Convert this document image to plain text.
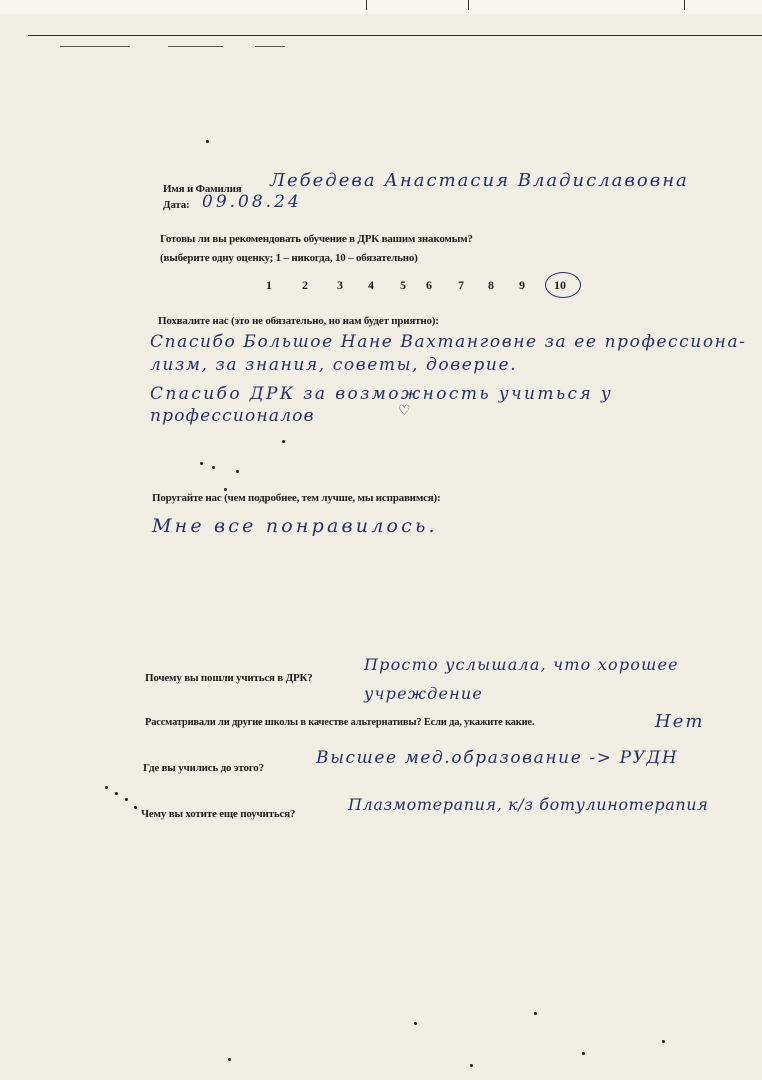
Имя и Фамилия Лебедева Анастасия Владиславовна
Дата: 09.08.24
Готовы ли вы рекомендовать обучение в ДРК вашим знакомым?
(выберите одну оценку; 1 – никогда, 10 – обязательно)
1	2 3 4 5 6 7 8 9 10
Похвалите нас (это не обязательно, но нам будет приятно):
Спасибо Большое Нане Вахтанговне за ее профессиона-
лизм, за знания, советы, доверие.
Спасибо ДРК за возможность учиться у
профессионалов	♡
Поругайте нас (чем подробнее, тем лучше, мы исправимся):
Мне все понравилось.
Почему вы пошли учиться в ДРК?
Просто услышала, что хорошее
учреждение
Рассматривали ли другие школы в качестве альтернативы? Если да, укажите какие.	Нет
Где вы учились до этого?	Высшее мед.образование -> РУДН
Чему вы хотите еще поучиться?	Плазмотерапия, к/з ботулинотерапия
